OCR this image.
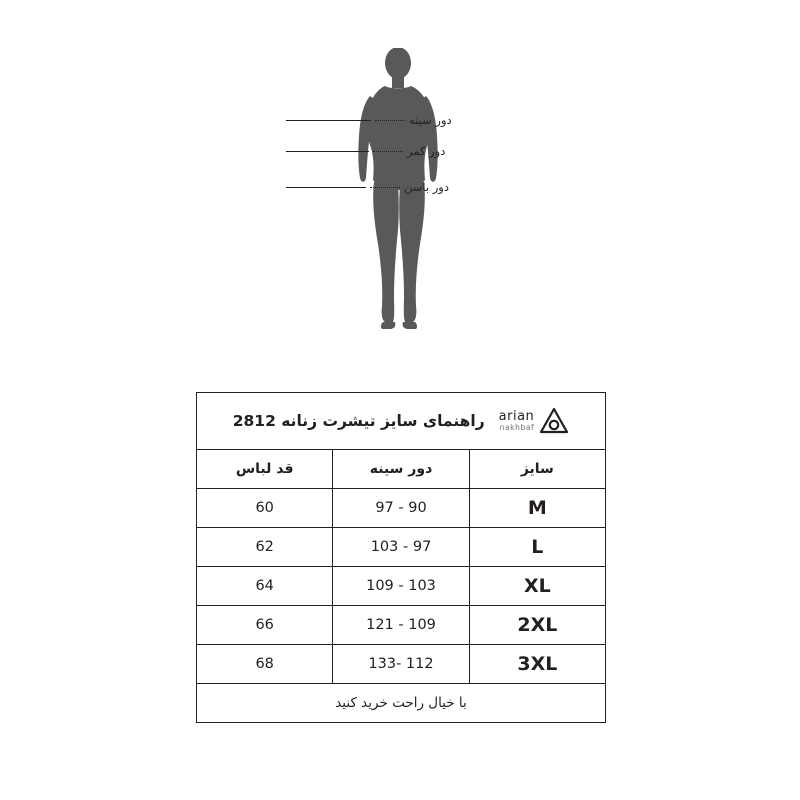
دور سینه
دور کمر
دور باسن
arian
nakhbaf
راهنمای سایز تیشرت زنانه 2812		

سایز	دور سینه	قد لباس
M	90 - 97	60
L	97 - 103	62
XL	103 - 109	64
2XL	109 - 121	66
3XL	112 -133	68
با خیال راحت خرید کنید		
